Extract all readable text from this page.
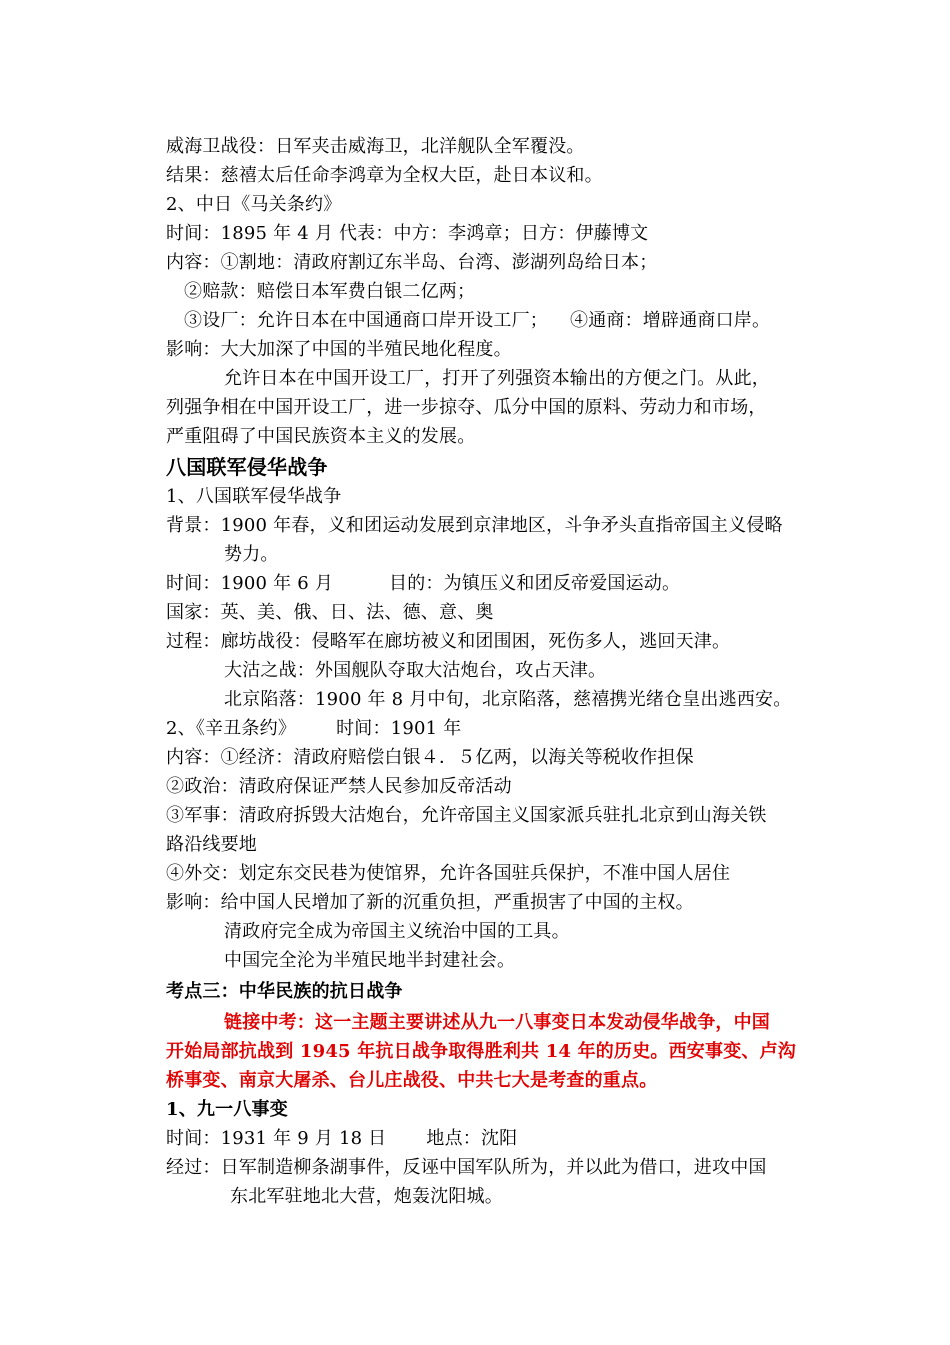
威海卫战役：日军夹击威海卫，北洋舰队全军覆没。
结果：慈禧太后任命李鸿章为全权大臣，赴日本议和。
2、中日《马关条约》
时间：1895 年 4 月 代表：中方：李鸿章；日方：伊藤博文
内容：①割地：清政府割辽东半岛、台湾、澎湖列岛给日本；
②赔款：赔偿日本军费白银二亿两；
③设厂：允许日本在中国通商口岸开设工厂； ④通商：增辟通商口岸。
影响：大大加深了中国的半殖民地化程度。
允许日本在中国开设工厂，打开了列强资本输出的方便之门。从此，
列强争相在中国开设工厂，进一步掠夺、瓜分中国的原料、劳动力和市场，
严重阻碍了中国民族资本主义的发展。
八国联军侵华战争
1、八国联军侵华战争
背景：1900 年春，义和团运动发展到京津地区，斗争矛头直指帝国主义侵略
势力。
时间：1900 年 6 月	目的：为镇压义和团反帝爱国运动。
国家：英、美、俄、日、法、德、意、奥
过程：廊坊战役：侵略军在廊坊被义和团围困，死伤多人，逃回天津。
大沽之战：外国舰队夺取大沽炮台，攻占天津。
北京陷落：1900 年 8 月中旬，北京陷落，慈禧携光绪仓皇出逃西安。
2、《辛丑条约》 时间：1901 年
内容：①经济：清政府赔偿白银４．５亿两，以海关等税收作担保
②政治：清政府保证严禁人民参加反帝活动
③军事：清政府拆毁大沽炮台，允许帝国主义国家派兵驻扎北京到山海关铁
路沿线要地
④外交：划定东交民巷为使馆界，允许各国驻兵保护，不准中国人居住
影响：给中国人民增加了新的沉重负担，严重损害了中国的主权。
清政府完全成为帝国主义统治中国的工具。
中国完全沦为半殖民地半封建社会。
考点三：中华民族的抗日战争
链接中考：这一主题主要讲述从九一八事变日本发动侵华战争，中国
开始局部抗战到 1945 年抗日战争取得胜利共 14 年的历史。西安事变、卢沟
桥事变、南京大屠杀、台儿庄战役、中共七大是考查的重点。
1、九一八事变
时间：1931 年 9 月 18 日 地点：沈阳
经过：日军制造柳条湖事件，反诬中国军队所为，并以此为借口，进攻中国
东北军驻地北大营，炮轰沈阳城。
